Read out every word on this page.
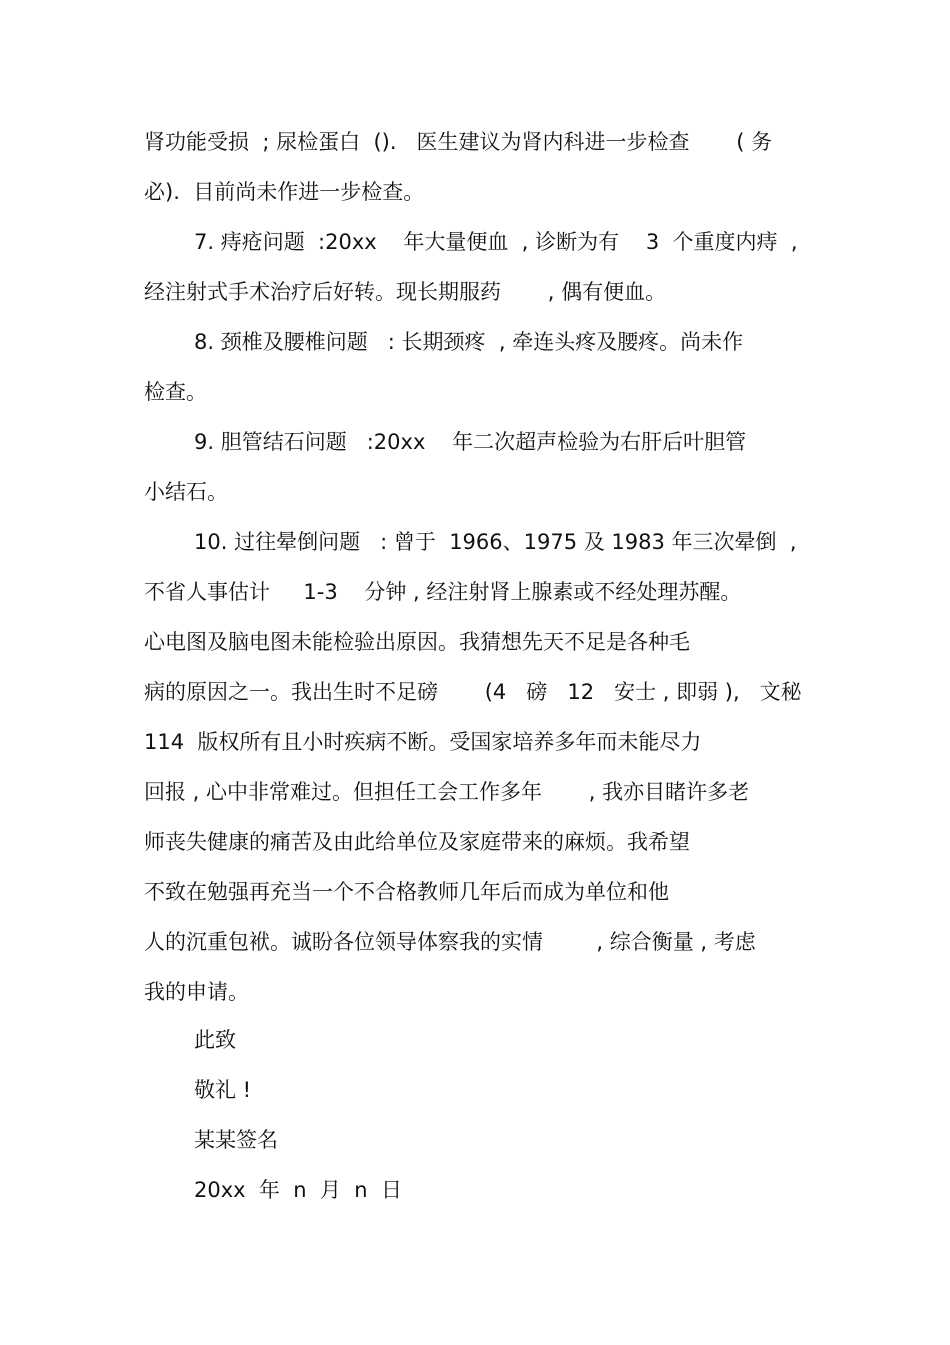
肾功能受损  ; 尿检蛋白  ().   医生建议为肾内科进一步检查       ( 务
必).  目前尚未作进一步检查。
7. 痔疮问题  :20xx    年大量便血  , 诊断为有    3  个重度内痔  ,
经注射式手术治疗后好转。现长期服药       , 偶有便血。
8. 颈椎及腰椎问题   : 长期颈疼  , 牵连头疼及腰疼。尚未作
检查。
9. 胆管结石问题   :20xx    年二次超声检验为右肝后叶胆管
小结石。
10. 过往晕倒问题   : 曾于  1966、1975 及 1983 年三次晕倒  ,
不省人事估计     1-3    分钟 , 经注射肾上腺素或不经处理苏醒。
心电图及脑电图未能检验出原因。我猜想先天不足是各种毛
病的原因之一。我出生时不足磅       (4   磅   12   安士 , 即弱 ),   文秘
114  版权所有且小时疾病不断。受国家培养多年而未能尽力
回报 , 心中非常难过。但担任工会工作多年       , 我亦目睹许多老
师丧失健康的痛苦及由此给单位及家庭带来的麻烦。我希望
不致在勉强再充当一个不合格教师几年后而成为单位和他
人的沉重包袱。诚盼各位领导体察我的实情        , 综合衡量 , 考虑
我的申请。
此致
敬礼 !
某某签名
20xx  年  n  月  n  日
